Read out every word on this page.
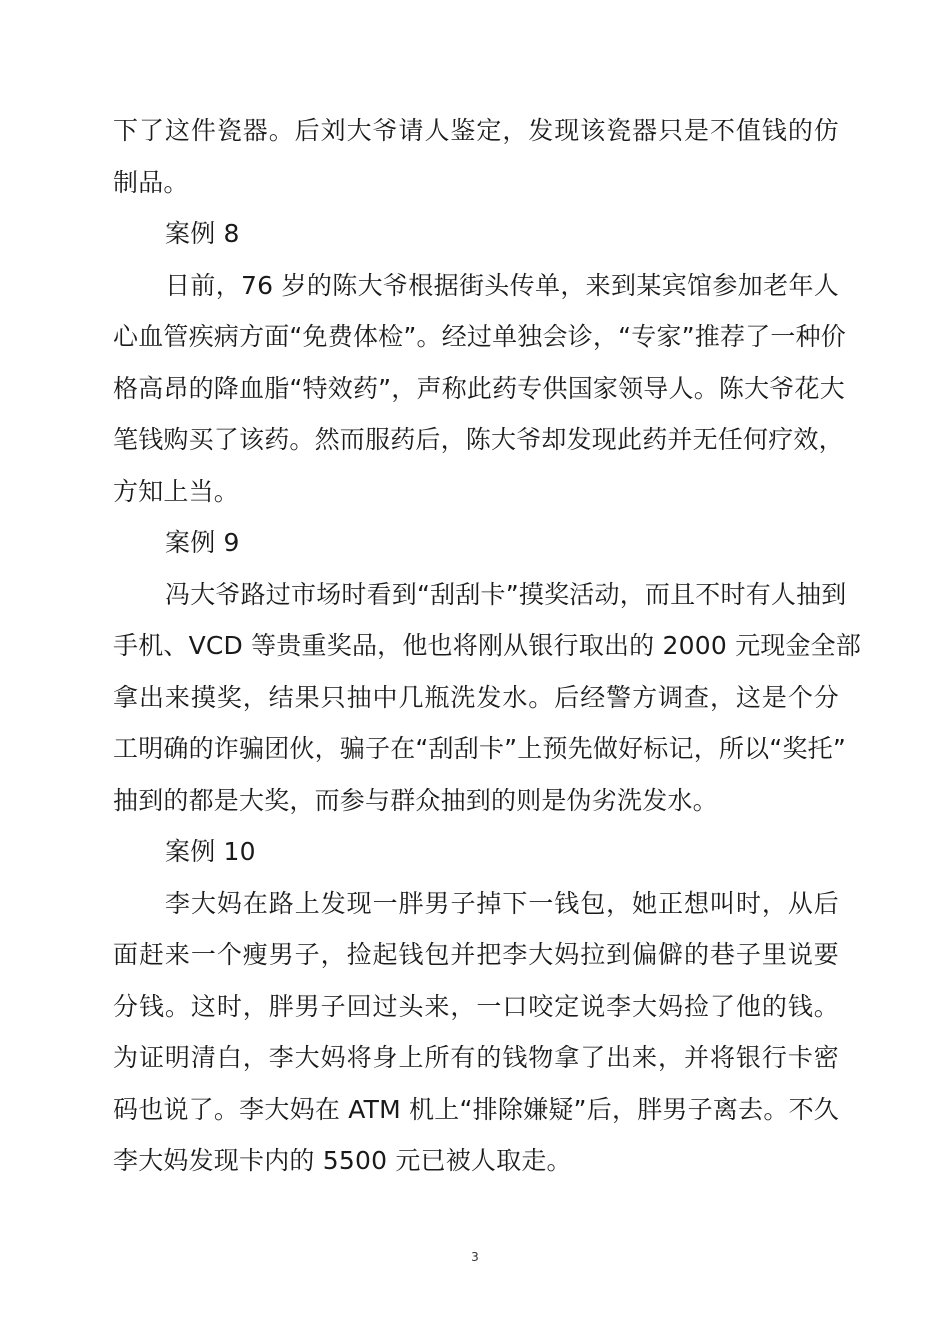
下了这件瓷器。后刘大爷请人鉴定，发现该瓷器只是不值钱的仿
制品。
案例 8
日前，76 岁的陈大爷根据街头传单，来到某宾馆参加老年人
心血管疾病方面“免费体检”。经过单独会诊，“专家”推荐了一种价
格高昂的降血脂“特效药”，声称此药专供国家领导人。陈大爷花大
笔钱购买了该药。然而服药后，陈大爷却发现此药并无任何疗效，
方知上当。
案例 9
冯大爷路过市场时看到“刮刮卡”摸奖活动，而且不时有人抽到
手机、VCD 等贵重奖品，他也将刚从银行取出的 2000 元现金全部
拿出来摸奖，结果只抽中几瓶洗发水。后经警方调查，这是个分
工明确的诈骗团伙，骗子在“刮刮卡”上预先做好标记，所以“奖托”
抽到的都是大奖，而参与群众抽到的则是伪劣洗发水。
案例 10
李大妈在路上发现一胖男子掉下一钱包，她正想叫时，从后
面赶来一个瘦男子，捡起钱包并把李大妈拉到偏僻的巷子里说要
分钱。这时，胖男子回过头来，一口咬定说李大妈捡了他的钱。
为证明清白，李大妈将身上所有的钱物拿了出来，并将银行卡密
码也说了。李大妈在 ATM 机上“排除嫌疑”后，胖男子离去。不久
李大妈发现卡内的 5500 元已被人取走。
3
